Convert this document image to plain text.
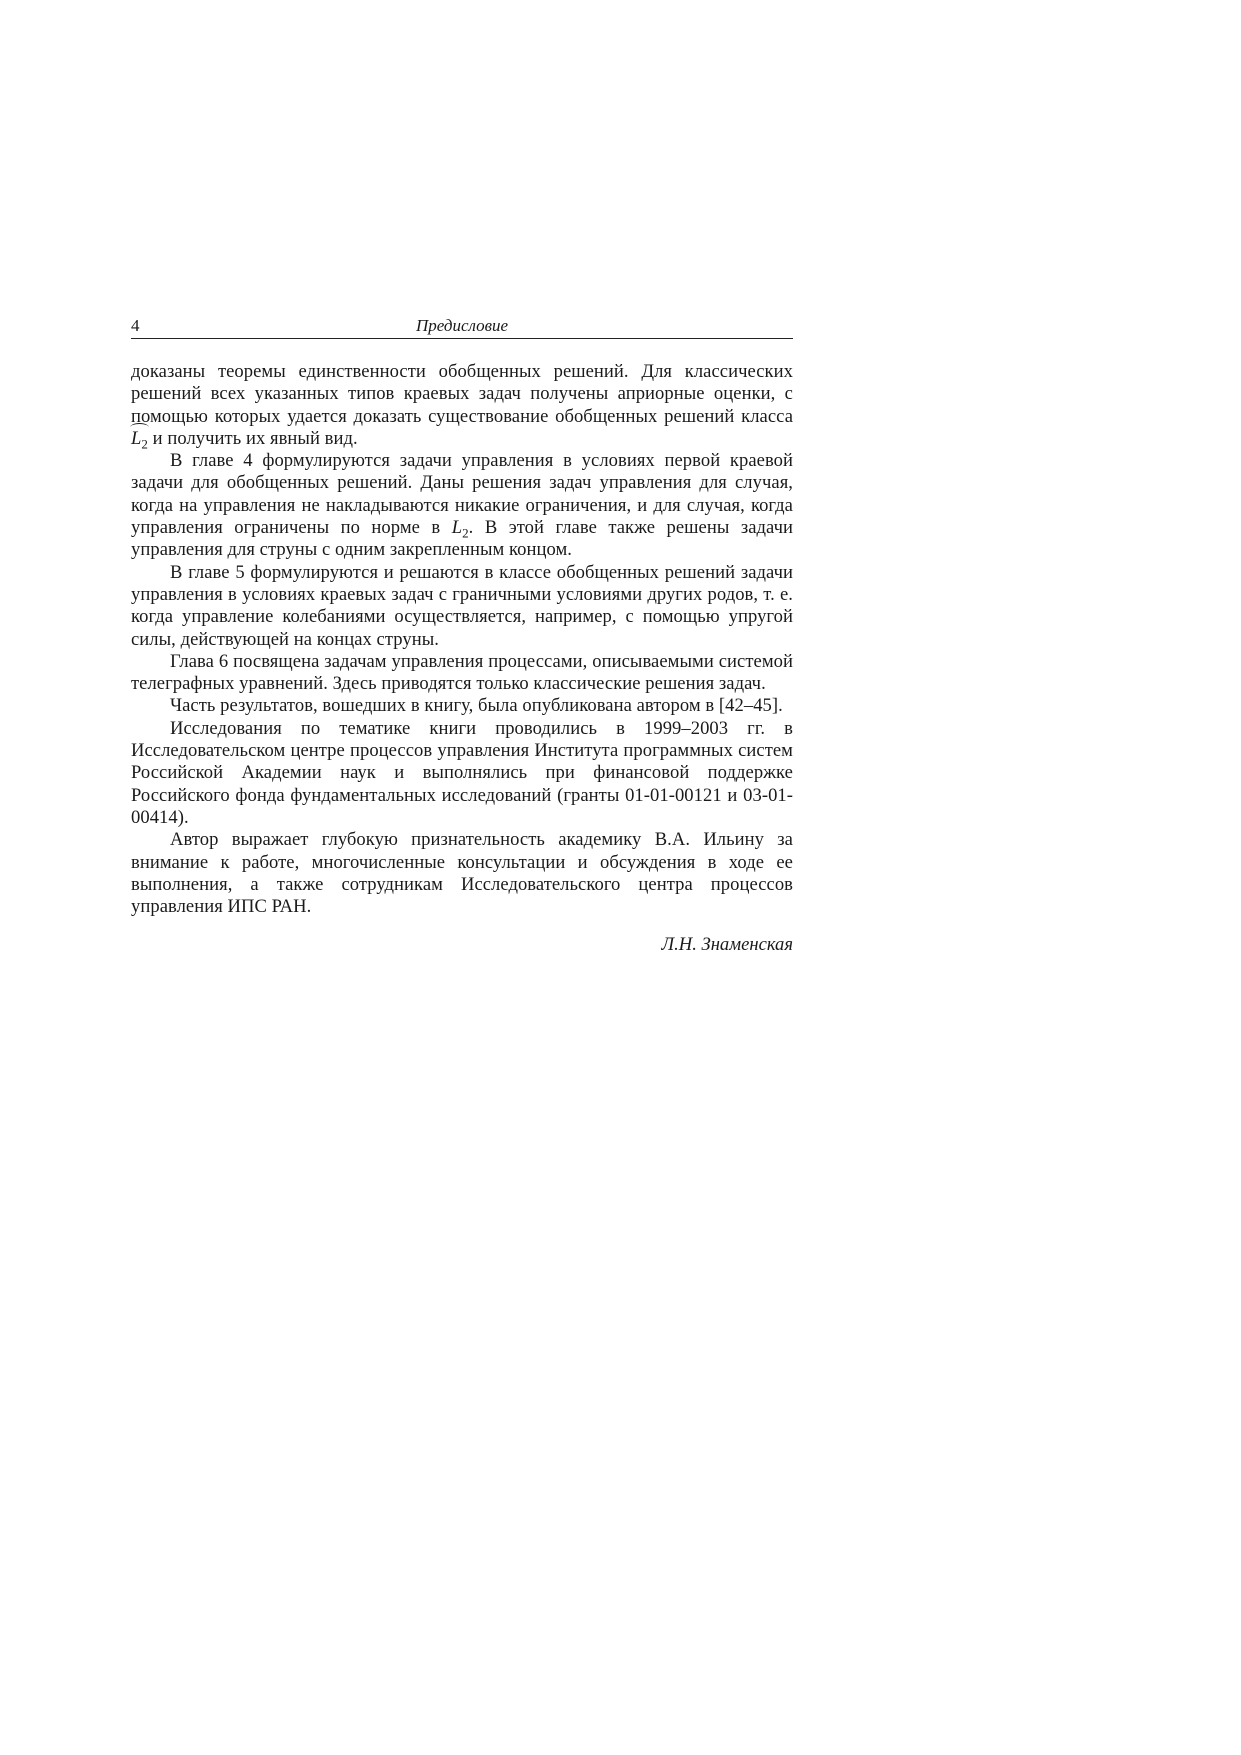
4	Предисловие

доказаны теоремы единственности обобщенных решений. Для классических решений всех указанных типов краевых задач получены априорные оценки, с помощью которых удается доказать существование обобщенных решений класса $L_2$ и получить их явный вид.

В главе 4 формулируются задачи управления в условиях первой краевой задачи для обобщенных решений. Даны решения задач управления для случая, когда на управления не накладываются никакие ограничения, и для случая, когда управления ограничены по норме в $L_2$. В этой главе также решены задачи управления для струны с одним закрепленным концом.

В главе 5 формулируются и решаются в классе обобщенных решений задачи управления в условиях краевых задач с граничными условиями других родов, т. е. когда управление колебаниями осуществляется, например, с помощью упругой силы, действующей на концах струны.

Глава 6 посвящена задачам управления процессами, описываемыми системой телеграфных уравнений. Здесь приводятся только классические решения задач.

Часть результатов, вошедших в книгу, была опубликована автором в [42–45].

Исследования по тематике книги проводились в 1999–2003 гг. в Исследовательском центре процессов управления Института программных систем Российской Академии наук и выполнялись при финансовой поддержке Российского фонда фундаментальных исследований (гранты 01-01-00121 и 03-01-00414).

Автор выражает глубокую признательность академику В.А. Ильину за внимание к работе, многочисленные консультации и обсуждения в ходе ее выполнения, а также сотрудникам Исследовательского центра процессов управления ИПС РАН.

Л.Н. Знаменская
